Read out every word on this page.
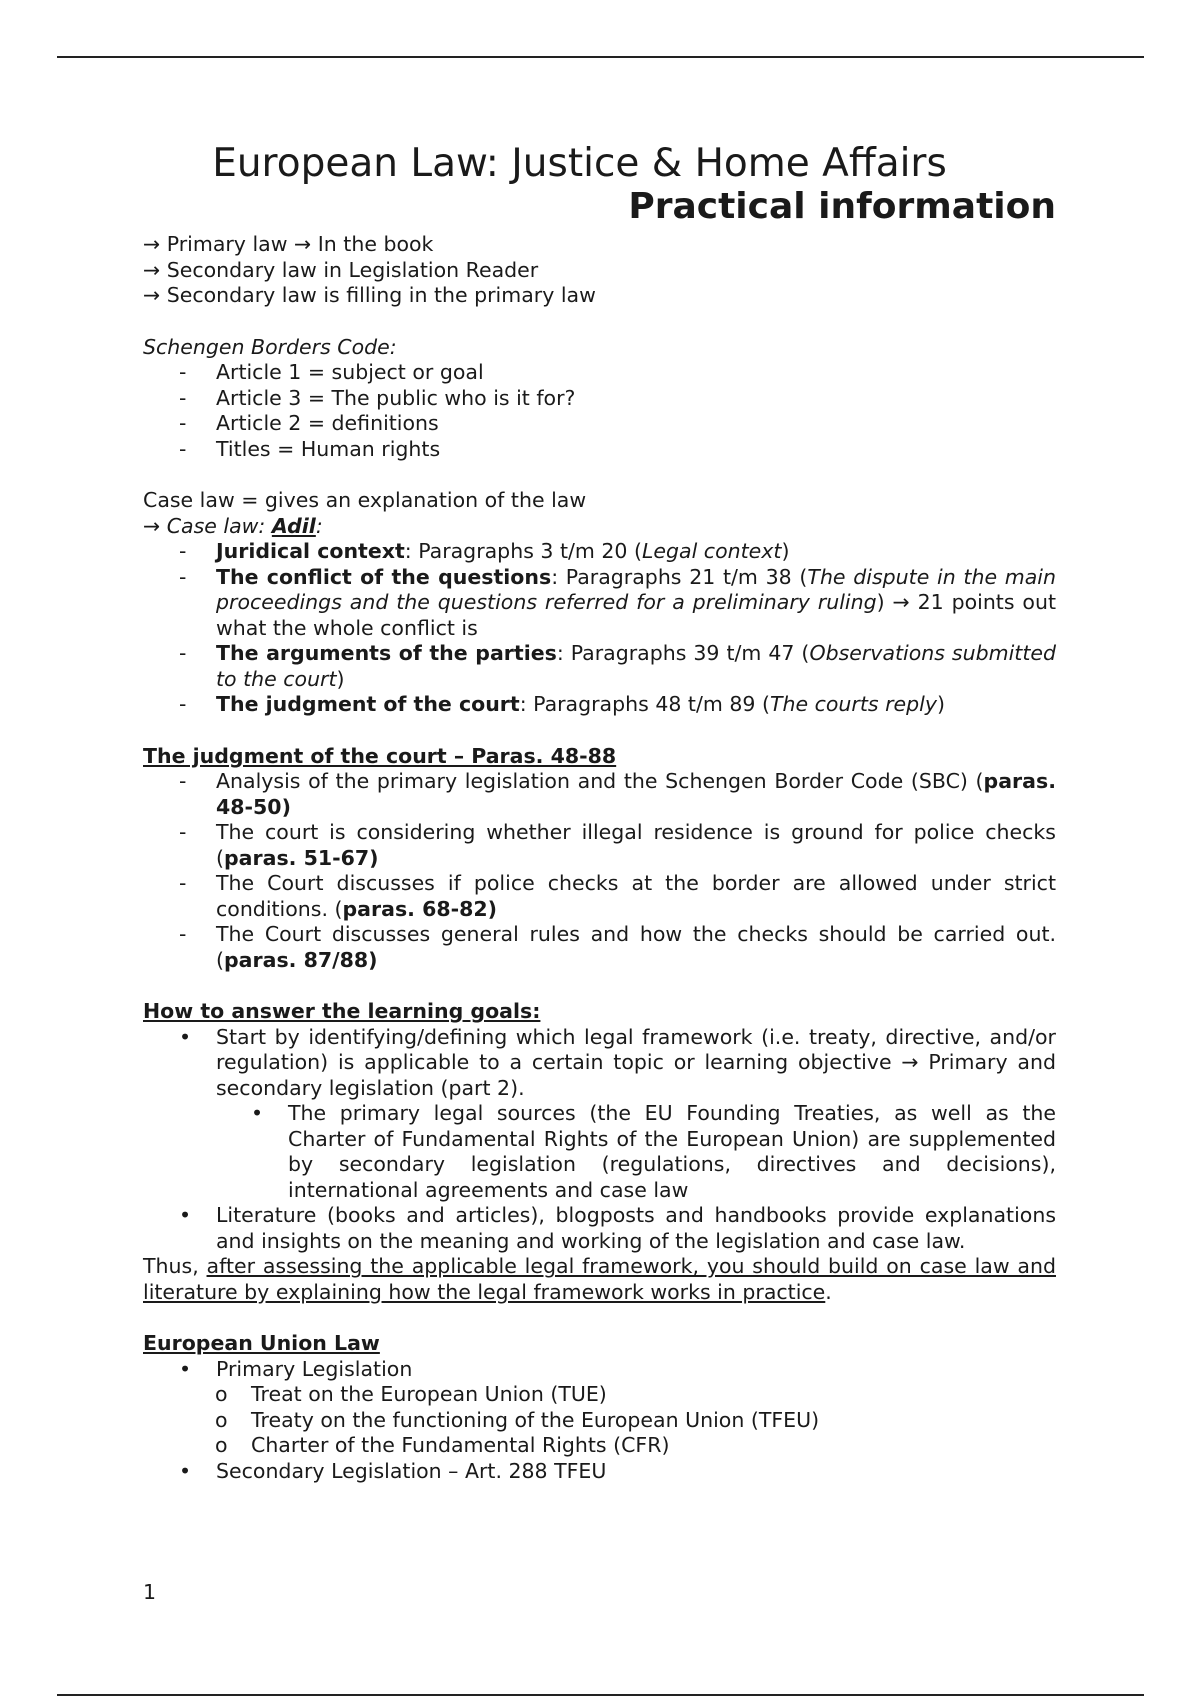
European Law: Justice & Home Affairs
Practical information

→ Primary law → In the book

→ Secondary law in Legislation Reader

→ Secondary law is filling in the primary law

Schengen Borders Code:

-	Article 1 = subject or goal
-	Article 3 = The public who is it for?
-	Article 2 = definitions
-	Titles = Human rights

Case law = gives an explanation of the law

→ Case law: Adil:

-	Juridical context: Paragraphs 3 t/m 20 (Legal context)
-	The conflict of the questions: Paragraphs 21 t/m 38 (The dispute in the main proceedings and the questions referred for a preliminary ruling) → 21 points out what the whole conflict is
-	The arguments of the parties: Paragraphs 39 t/m 47 (Observations submitted to the court)
-	The judgment of the court: Paragraphs 48 t/m 89 (The courts reply)

The judgment of the court – Paras. 48-88

-	Analysis of the primary legislation and the Schengen Border Code (SBC) (paras. 48-50)
-	The court is considering whether illegal residence is ground for police checks (paras. 51-67)
-	The Court discusses if police checks at the border are allowed under strict conditions. (paras. 68-82)
-	The Court discusses general rules and how the checks should be carried out. (paras. 87/88)

How to answer the learning goals:

•	Start by identifying/defining which legal framework (i.e. treaty, directive, and/or regulation) is applicable to a certain topic or learning objective → Primary and secondary legislation (part 2).
•	The primary legal sources (the EU Founding Treaties, as well as the Charter of Fundamental Rights of the European Union) are supplemented by secondary legislation (regulations, directives and decisions), international agreements and case law
•	Literature (books and articles), blogposts and handbooks provide explanations and insights on the meaning and working of the legislation and case law.

Thus, after assessing the applicable legal framework, you should build on case law and literature by explaining how the legal framework works in practice.

European Union Law

•	Primary Legislation
o	Treat on the European Union (TUE)
o	Treaty on the functioning of the European Union (TFEU)
o	Charter of the Fundamental Rights (CFR)
•	Secondary Legislation – Art. 288 TFEU
1
